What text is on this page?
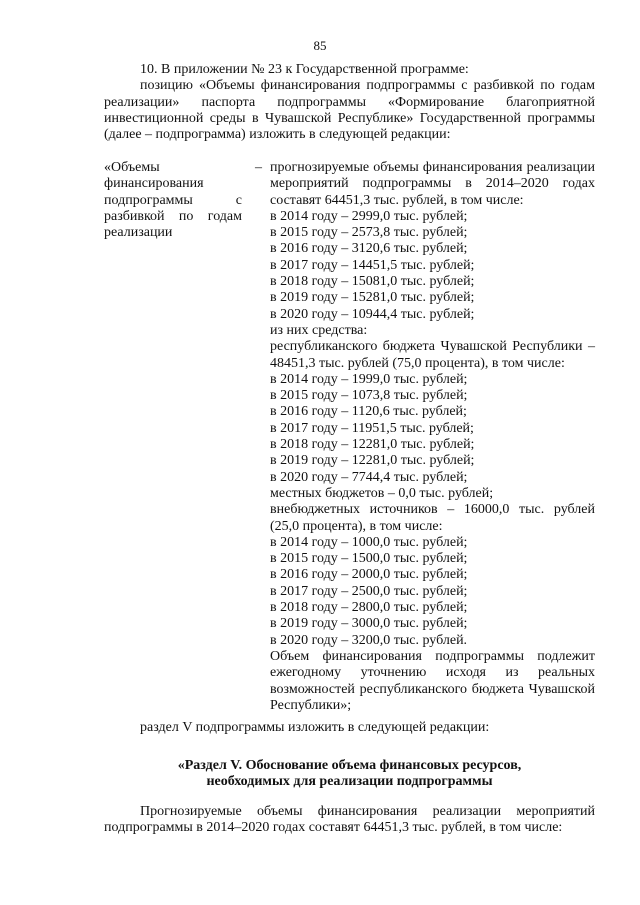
85

10. В приложении № 23 к Государственной программе:

позицию «Объемы финансирования подпрограммы с разбивкой по годам реализации» паспорта подпрограммы «Формирование благоприятной инвестиционной среды в Чувашской Республике» Государственной программы (далее – подпрограмма) изложить в следующей редакции:

«Объемы финансирования подпрограммы с разбивкой по годам реализации
– прогнозируемые объемы финансирования реализации мероприятий подпрограммы в 2014–2020 годах составят 64451,3 тыс. рублей, в том числе:
в 2014 году – 2999,0 тыс. рублей;
в 2015 году – 2573,8 тыс. рублей;
в 2016 году – 3120,6 тыс. рублей;
в 2017 году – 14451,5 тыс. рублей;
в 2018 году – 15081,0 тыс. рублей;
в 2019 году – 15281,0 тыс. рублей;
в 2020 году – 10944,4 тыс. рублей;
из них средства:
республиканского бюджета Чувашской Республики – 48451,3 тыс. рублей (75,0 процента), в том числе:
в 2014 году – 1999,0 тыс. рублей;
в 2015 году – 1073,8 тыс. рублей;
в 2016 году – 1120,6 тыс. рублей;
в 2017 году – 11951,5 тыс. рублей;
в 2018 году – 12281,0 тыс. рублей;
в 2019 году – 12281,0 тыс. рублей;
в 2020 году – 7744,4 тыс. рублей;
местных бюджетов – 0,0 тыс. рублей;
внебюджетных источников – 16000,0 тыс. рублей (25,0 процента), в том числе:
в 2014 году – 1000,0 тыс. рублей;
в 2015 году – 1500,0 тыс. рублей;
в 2016 году – 2000,0 тыс. рублей;
в 2017 году – 2500,0 тыс. рублей;
в 2018 году – 2800,0 тыс. рублей;
в 2019 году – 3000,0 тыс. рублей;
в 2020 году – 3200,0 тыс. рублей.
Объем финансирования подпрограммы подлежит ежегодному уточнению исходя из реальных возможностей республиканского бюджета Чувашской Республики»;
раздел V подпрограммы изложить в следующей редакции:
«Раздел V. Обоснование объема финансовых ресурсов,
необходимых для реализации подпрограммы
Прогнозируемые объемы финансирования реализации мероприятий подпрограммы в 2014–2020 годах составят 64451,3 тыс. рублей, в том числе:
